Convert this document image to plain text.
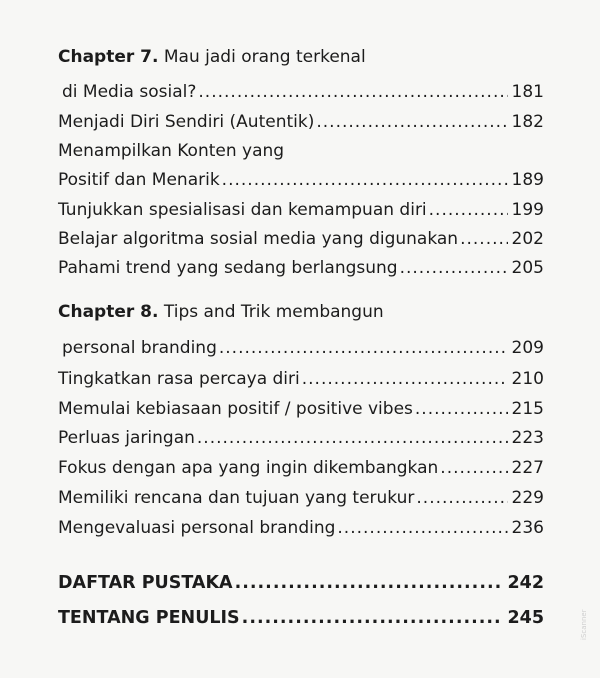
Chapter 7. Mau jadi orang terkenal
di Media sosial? .....	181
Menjadi Diri Sendiri (Autentik) .....	182
Menampilkan Konten yang
Positif dan Menarik .....	189
Tunjukkan spesialisasi dan kemampuan diri .....	199
Belajar algoritma sosial media yang digunakan .....	202
Pahami trend yang sedang berlangsung .....	205
Chapter 8. Tips and Trik membangun
personal branding .....	209
Tingkatkan rasa percaya diri .....	210
Memulai kebiasaan positif / positive vibes .....	215
Perluas jaringan .....	223
Fokus dengan apa yang ingin dikembangkan .....	227
Memiliki rencana dan tujuan yang terukur .....	229
Mengevaluasi personal branding .....	236
DAFTAR PUSTAKA .....	242
TENTANG PENULIS .....	245	iScanner
